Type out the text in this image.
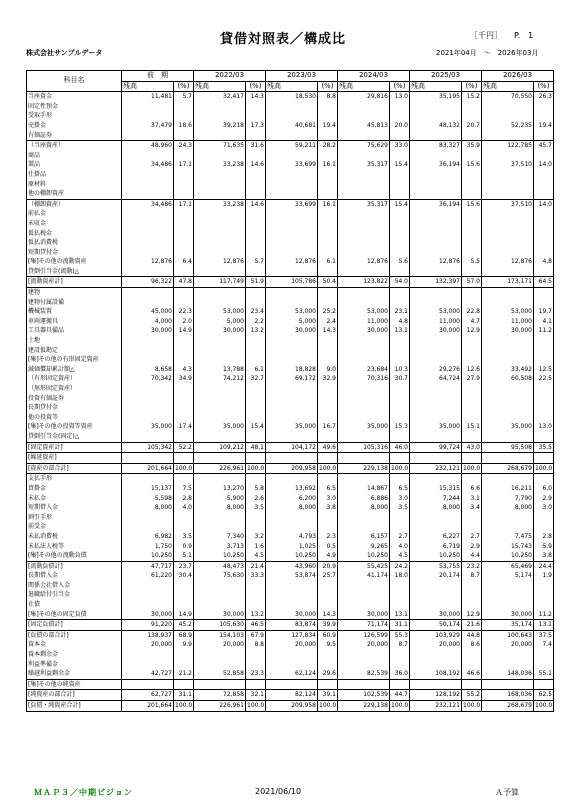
貸借対照表／構成比	［千円］ P.　1
株式会社サンプルデータ	2021年04月　～　2026年03月
科目名	前　期		2022/03		2023/03		2024/03		2025/03		2026/03	
	残高	(%)	残高	(%)	残高	(%)	残高	(%)	残高	(%)	残高	(%)
当座資金	11,481	5.7	32,417	14.3	18,530	8.8	29,816	13.0	35,195	15.2	70,550	26.3
固定性預金												
受取手形												
売掛金	37,479	18.6	39,218	17.3	40,681	19.4	45,813	20.0	48,132	20.7	52,235	19.4
有価証券												
（当座資産）	48,960	24.3	71,635	31.6	59,211	28.2	75,629	33.0	83,327	35.9	122,785	45.7
商品												
製品	34,486	17.1	33,238	14.6	33,699	16.1	35,317	15.4	36,194	15.6	37,510	14.0
仕掛品												
原材料												
他の棚卸資産												
（棚卸資産）	34,486	17.1	33,238	14.6	33,699	16.1	35,317	15.4	36,194	15.6	37,510	14.0
前払金												
未収金												
仮払税金												
仮払消費税												
短期貸付金												
[集]その他の流動資産	12,876	6.4	12,876	5.7	12,876	6.1	12,876	5.6	12,876	5.5	12,876	4.8
貸倒引当金(流動)△												
[流動資産計]	96,322	47.8	117,749	51.9	105,786	50.4	123,822	54.0	132,397	57.0	173,171	64.5
建物												
建物付属設備												
機械装置	45,000	22.3	53,000	23.4	53,000	25.2	53,000	23.1	53,000	22.8	53,000	19.7
車両運搬具	4,000	2.0	5,000	2.2	5,000	2.4	11,000	4.8	11,000	4.7	11,000	4.1
工具器具備品	30,000	14.9	30,000	13.2	30,000	14.3	30,000	13.1	30,000	12.9	30,000	11.2
土地												
建設仮勘定												
[集]その他の有形固定資産												
減価償却累計額△	8,658	4.3	13,788	6.1	18,828	9.0	23,684	10.3	29,276	12.6	33,492	12.5
（有形固定資産）	70,342	34.9	74,212	32.7	69,172	32.9	70,316	30.7	64,724	27.9	60,508	22.5
（無形固定資産）												
投資有価証券												
長期貸付金												
他の投資等												
[集]その他の投資等資産	35,000	17.4	35,000	15.4	35,000	16.7	35,000	15.3	35,000	15.1	35,000	13.0
貸倒引当金(固定)△												
[固定資産計]	105,342	52.2	109,212	48.1	104,172	49.6	105,316	46.0	99,724	43.0	95,508	35.5
[繰延資産]												
[資産の部合計]	201,664	100.0	226,961	100.0	209,958	100.0	229,138	100.0	232,121	100.0	268,679	100.0
支払手形												
買掛金	15,137	7.5	13,270	5.8	13,692	6.5	14,867	6.5	15,315	6.6	16,211	6.0
未払金	5,598	2.8	5,900	2.6	6,200	3.0	6,886	3.0	7,244	3.1	7,790	2.9
短期借入金	8,000	4.0	8,000	3.5	8,000	3.8	8,000	3.5	8,000	3.4	8,000	3.0
割引手形												
前受金												
未払消費税	6,982	3.5	7,340	3.2	4,793	2.3	6,157	2.7	6,227	2.7	7,475	2.8
未払法人税等	1,750	0.9	3,713	1.6	1,025	0.5	9,265	4.0	6,719	2.9	15,743	5.9
[集]その他の流動負債	10,250	5.1	10,250	4.5	10,250	4.9	10,250	4.5	10,250	4.4	10,250	3.8
[流動負債計]	47,717	23.7	48,473	21.4	43,960	20.9	55,425	24.2	53,755	23.2	65,469	24.4
長期借入金	61,220	30.4	75,630	33.3	53,874	25.7	41,174	18.0	20,174	8.7	5,174	1.9
関係会社借入金												
退職給付引当金												
社債												
[集]その他の固定負債	30,000	14.9	30,000	13.2	30,000	14.3	30,000	13.1	30,000	12.9	30,000	11.2
[固定負債計]	91,220	45.2	105,630	46.5	83,874	39.9	71,174	31.1	50,174	21.6	35,174	13.1
[負債の部合計]	138,937	68.9	154,103	67.9	127,834	60.9	126,599	55.3	103,929	44.8	100,643	37.5
資本金	20,000	9.9	20,000	8.8	20,000	9.5	20,000	8.7	20,000	8.6	20,000	7.4
資本剰余金												
利益準備金												
繰越利益剰余金	42,727	21.2	52,858	23.3	62,124	29.6	82,539	36.0	108,192	46.6	148,036	55.1
[集]その他の純資産												
[純資産の部合計]	62,727	31.1	72,858	32.1	82,124	39.1	102,539	44.7	128,192	55.2	168,036	62.5
[負債・純資産合計]	201,664	100.0	226,961	100.0	209,958	100.0	229,138	100.0	232,121	100.0	268,679	100.0
ＭＡＰ３／中期ビジョン	2021/06/10	Ａ予算
